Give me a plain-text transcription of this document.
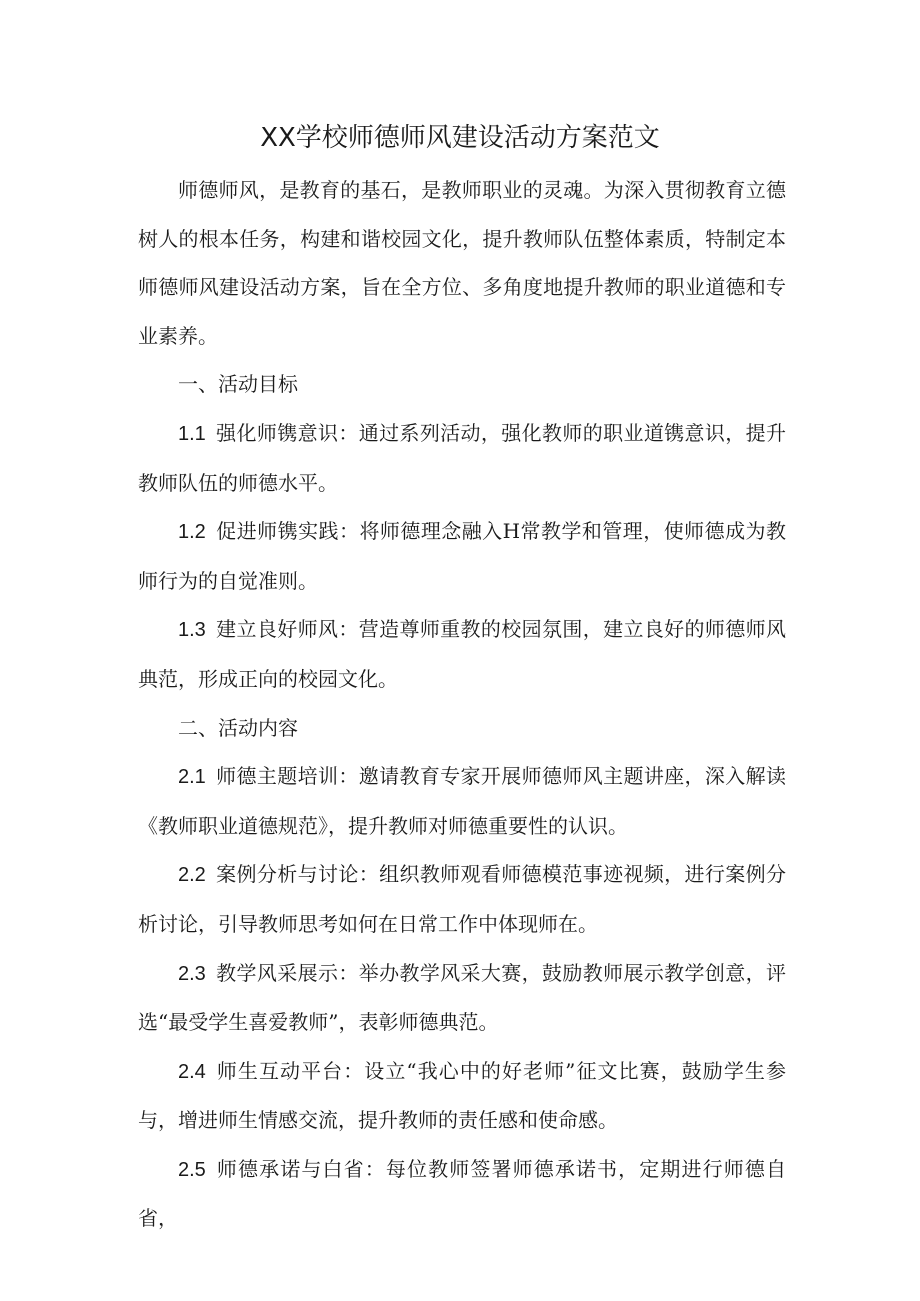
XX学校师德师风建设活动方案范文

师德师风，是教育的基石，是教师职业的灵魂。为深入贯彻教育立德树人的根本任务，构建和谐校园文化，提升教师队伍整体素质，特制定本师德师风建设活动方案，旨在全方位、多角度地提升教师的职业道德和专业素养。

一、活动目标

1.1 强化师镌意识：通过系列活动，强化教师的职业道镌意识，提升教师队伍的师德水平。

1.2 促进师镌实践：将师德理念融入H常教学和管理，使师德成为教师行为的自觉准则。

1.3 建立良好师风：营造尊师重教的校园氛围，建立良好的师德师风典范，形成正向的校园文化。

二、活动内容

2.1 师德主题培训：邀请教育专家开展师德师风主题讲座，深入解读《教师职业道德规范》，提升教师对师德重要性的认识。

2.2 案例分析与讨论：组织教师观看师德模范事迹视频，进行案例分析讨论，引导教师思考如何在日常工作中体现师在。

2.3 教学风采展示：举办教学风采大赛，鼓励教师展示教学创意，评选“最受学生喜爱教师”，表彰师德典范。

2.4 师生互动平台：设立“我心中的好老师”征文比赛，鼓励学生参与，增进师生情感交流，提升教师的责任感和使命感。

2.5 师德承诺与白省：每位教师签署师德承诺书，定期进行师德自省，
